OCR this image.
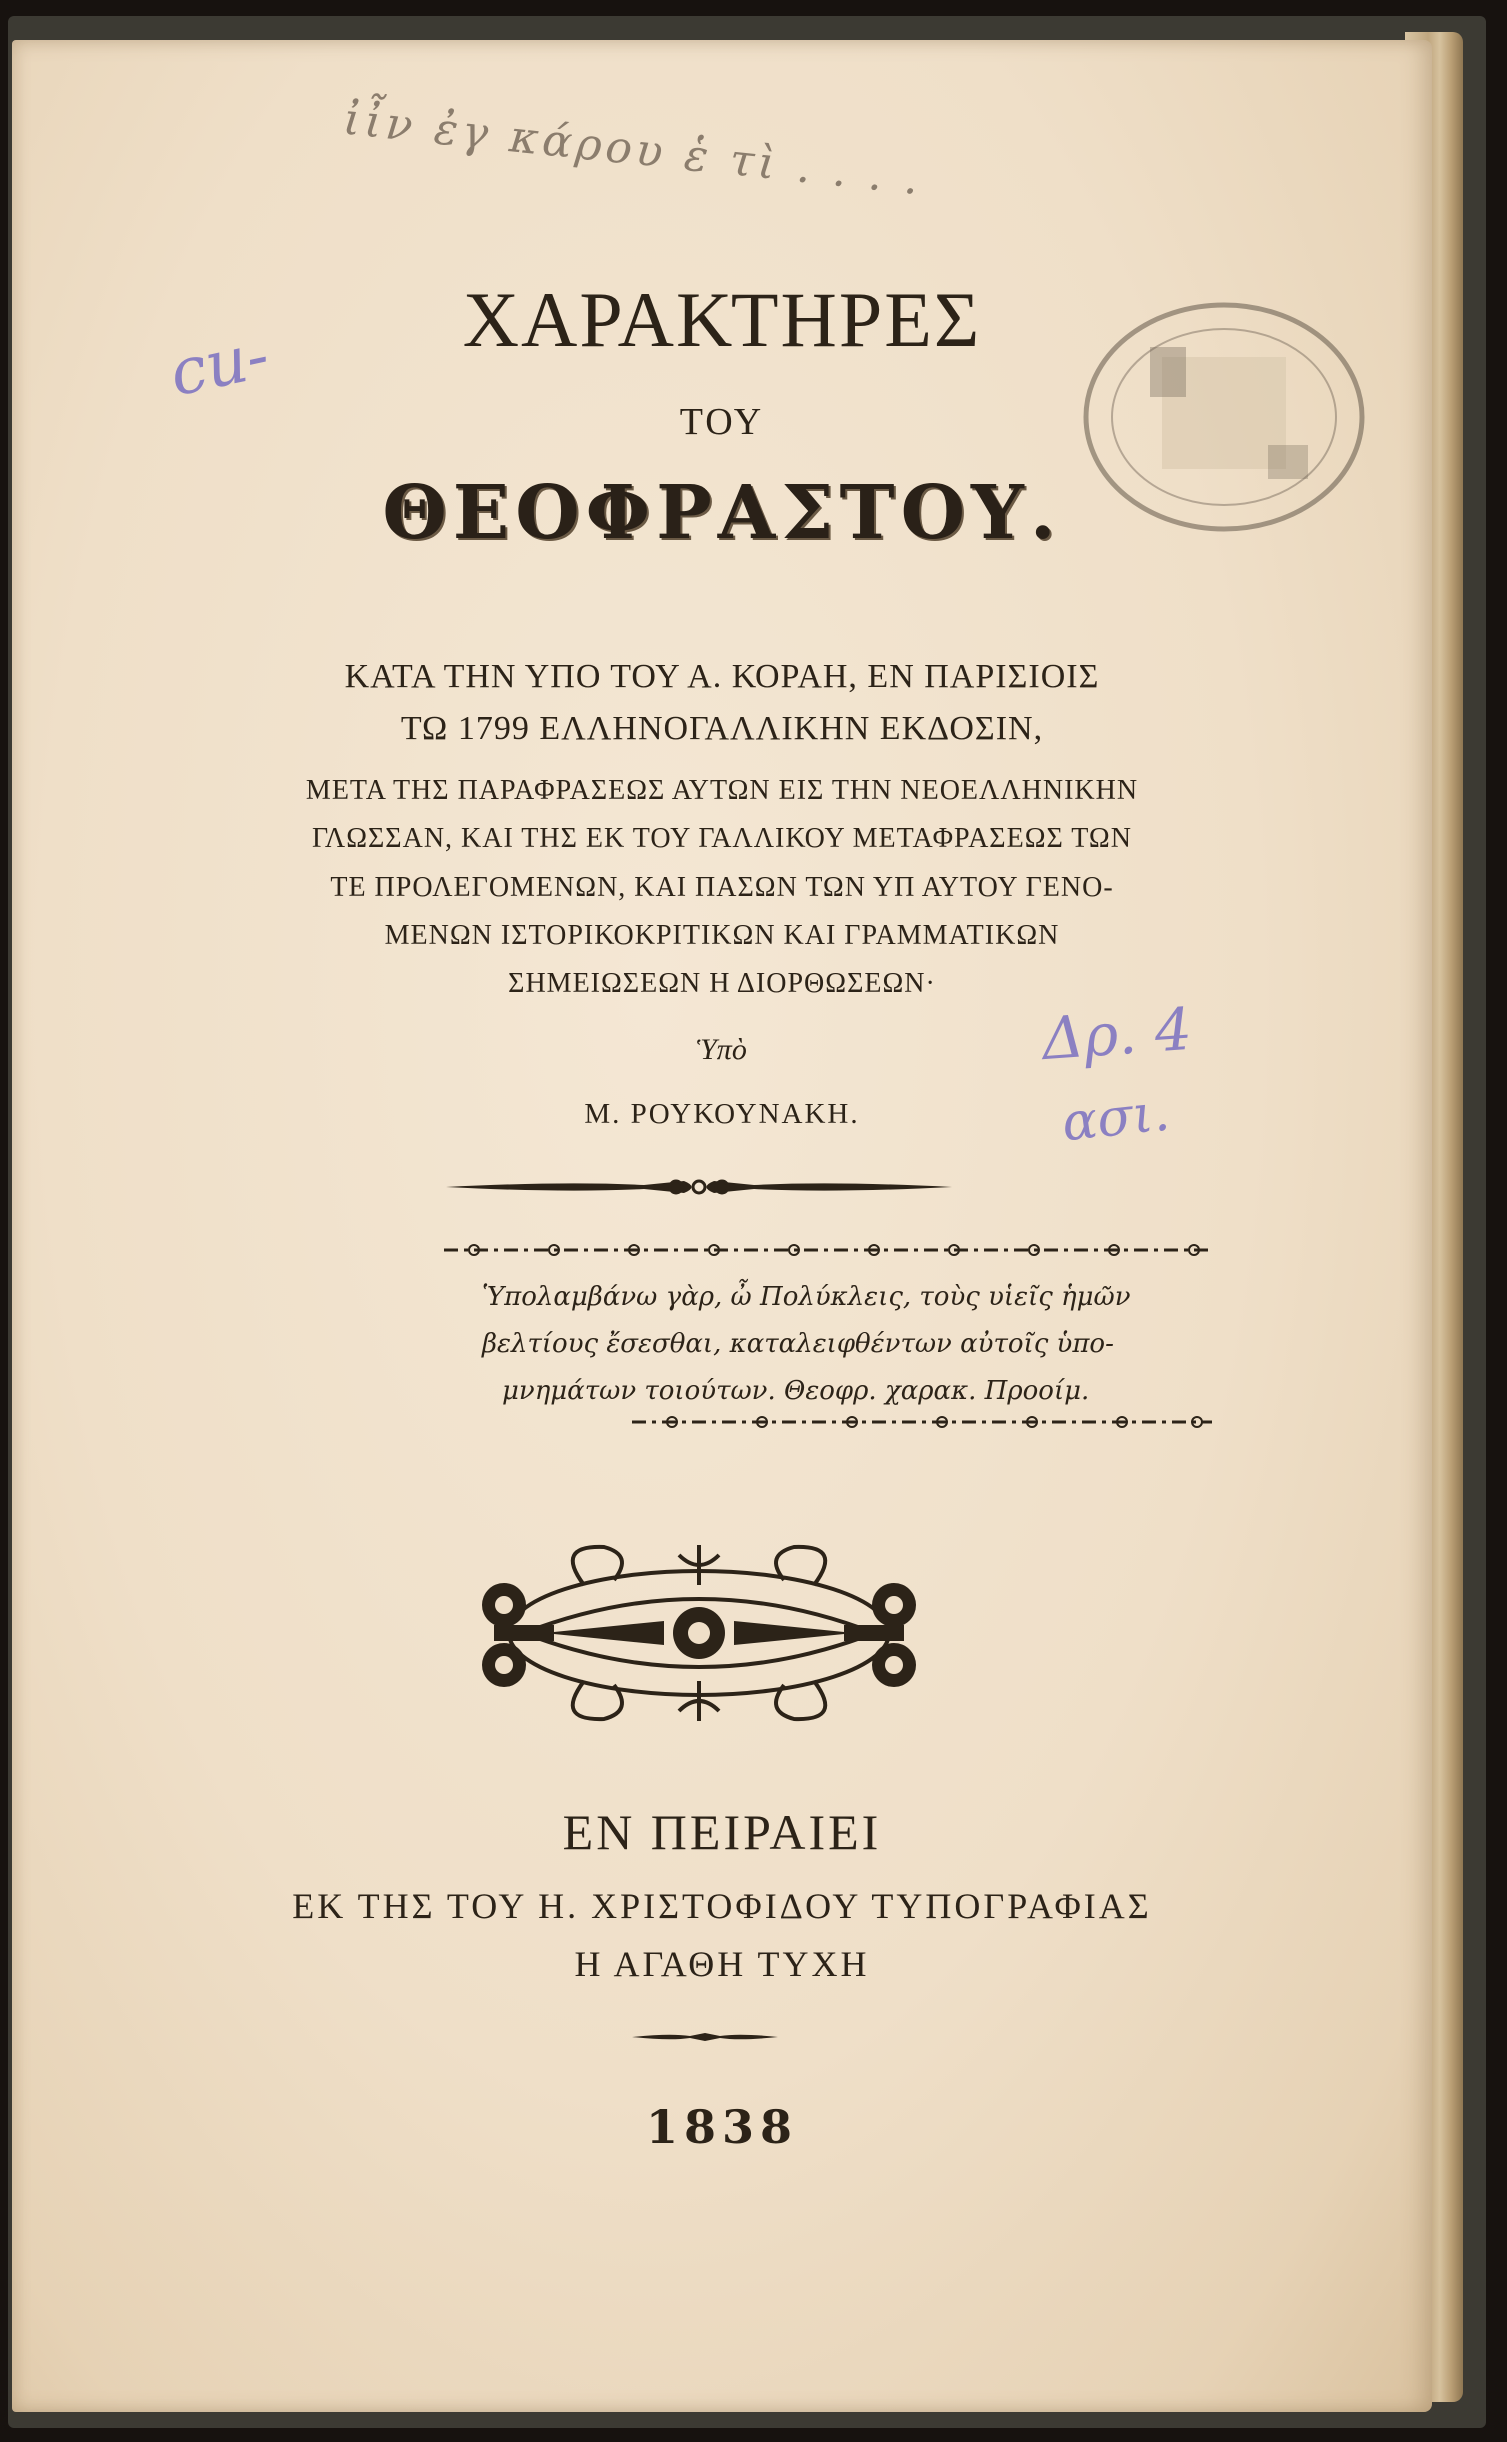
ἰἶν ἐγ κάρου ἑ τὶ . . . .
cu-	ΧΑΡΑΚΤΗΡΕΣ
ΤΟΥ
ΘΕΟΦΡΑΣΤΟΥ.
ΚΑΤΑ ΤΗΝ ΥΠΟ ΤΟΥ Α. ΚΟΡΑΗ, ΕΝ ΠΑΡΙΣΙΟΙΣ
ΤΩ 1799 ΕΛΛΗΝΟΓΑΛΛΙΚΗΝ ΕΚΔΟΣΙΝ,
ΜΕΤΑ ΤΗΣ ΠΑΡΑΦΡΑΣΕΩΣ ΑΥΤΩΝ ΕΙΣ ΤΗΝ ΝΕΟΕΛΛΗΝΙΚΗΝ
ΓΛΩΣΣΑΝ, ΚΑΙ ΤΗΣ ΕΚ ΤΟΥ ΓΑΛΛΙΚΟΥ ΜΕΤΑΦΡΑΣΕΩΣ ΤΩΝ
ΤΕ ΠΡΟΛΕΓΟΜΕΝΩΝ, ΚΑΙ ΠΑΣΩΝ ΤΩΝ ΥΠ ΑΥΤΟΥ ΓΕΝΟ-
ΜΕΝΩΝ ΙΣΤΟΡΙΚΟΚΡΙΤΙΚΩΝ ΚΑΙ ΓΡΑΜΜΑΤΙΚΩΝ
ΣΗΜΕΙΩΣΕΩΝ Η ΔΙΟΡΘΩΣΕΩΝ·
Ὑπὸ
Μ. ΡΟΥΚΟΥΝΑΚΗ.
Δρ. 4
ασι.
Ὑπολαμβάνω γὰρ, ὦ Πολύκλεις, τοὺς υἱεῖς ἡμῶν
βελτίους ἔσεσθαι, καταλειφθέντων αὐτοῖς ὑπο-
μνημάτων τοιούτων. Θεοφρ. χαρακ. Προοίμ.
ΕΝ ΠΕΙΡΑΙΕΙ
ΕΚ ΤΗΣ ΤΟΥ Η. ΧΡΙΣΤΟΦΙΔΟΥ ΤΥΠΟΓΡΑΦΙΑΣ
Η ΑΓΑΘΗ ΤΥΧΗ
1838
